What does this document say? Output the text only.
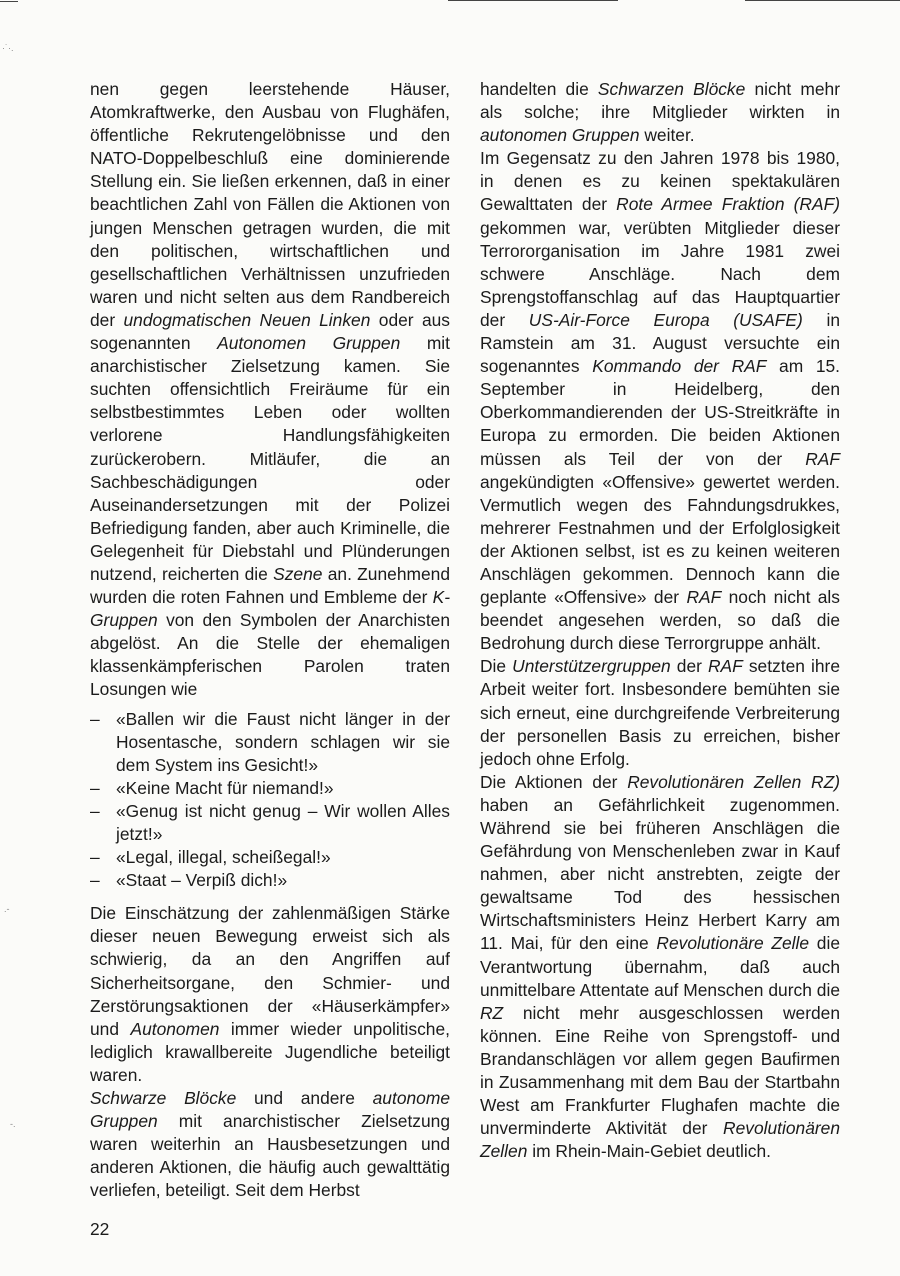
·˙·.
.-
-.

nen gegen leerstehende Häuser, Atomkraftwerke, den Ausbau von Flughäfen, öffentliche Rekrutengelöbnisse und den NATO-Doppelbeschluß eine dominierende Stellung ein. Sie ließen erkennen, daß in einer beachtlichen Zahl von Fällen die Aktionen von jungen Menschen getragen wurden, die mit den politischen, wirtschaftlichen und gesellschaftlichen Verhältnissen unzufrieden waren und nicht selten aus dem Randbereich der undogmatischen Neuen Linken oder aus sogenannten Autonomen Gruppen mit anarchistischer Zielsetzung kamen. Sie suchten offensichtlich Freiräume für ein selbstbestimmtes Leben oder wollten verlorene Handlungsfähigkeiten zurückerobern. Mitläufer, die an Sachbeschädigungen oder Auseinandersetzungen mit der Polizei Befriedigung fanden, aber auch Kriminelle, die Gelegenheit für Diebstahl und Plünderungen nutzend, reicherten die Szene an. Zunehmend wurden die roten Fahnen und Embleme der K-Gruppen von den Symbolen der Anarchisten abgelöst. An die Stelle der ehemaligen klassenkämpferischen Parolen traten Losungen wie

– «Ballen wir die Faust nicht länger in der Hosentasche, sondern schlagen wir sie dem System ins Gesicht!»
– «Keine Macht für niemand!»
– «Genug ist nicht genug – Wir wollen Alles jetzt!»
– «Legal, illegal, scheißegal!»
– «Staat – Verpiß dich!»

Die Einschätzung der zahlenmäßigen Stärke dieser neuen Bewegung erweist sich als schwierig, da an den Angriffen auf Sicherheitsorgane, den Schmier- und Zerstörungsaktionen der «Häuserkämpfer» und Autonomen immer wieder unpolitische, lediglich krawallbereite Jugendliche beteiligt waren.

Schwarze Blöcke und andere autonome Gruppen mit anarchistischer Zielsetzung waren weiterhin an Hausbesetzungen und anderen Aktionen, die häufig auch gewalttätig verliefen, beteiligt. Seit dem Herbst

handelten die Schwarzen Blöcke nicht mehr als solche; ihre Mitglieder wirkten in autonomen Gruppen weiter.

Im Gegensatz zu den Jahren 1978 bis 1980, in denen es zu keinen spektakulären Gewalttaten der Rote Armee Fraktion (RAF) gekommen war, verübten Mitglieder dieser Terrororganisation im Jahre 1981 zwei schwere Anschläge. Nach dem Sprengstoffanschlag auf das Hauptquartier der US-Air-Force Europa (USAFE) in Ramstein am 31. August versuchte ein sogenanntes Kommando der RAF am 15. September in Heidelberg, den Oberkommandierenden der US-Streitkräfte in Europa zu ermorden. Die beiden Aktionen müssen als Teil der von der RAF angekündigten «Offensive» gewertet werden. Vermutlich wegen des Fahndungsdrukkes, mehrerer Festnahmen und der Erfolglosigkeit der Aktionen selbst, ist es zu keinen weiteren Anschlägen gekommen. Dennoch kann die geplante «Offensive» der RAF noch nicht als beendet angesehen werden, so daß die Bedrohung durch diese Terrorgruppe anhält.

Die Unterstützergruppen der RAF setzten ihre Arbeit weiter fort. Insbesondere bemühten sie sich erneut, eine durchgreifende Verbreiterung der personellen Basis zu erreichen, bisher jedoch ohne Erfolg.

Die Aktionen der Revolutionären Zellen RZ) haben an Gefährlichkeit zugenommen. Während sie bei früheren Anschlägen die Gefährdung von Menschenleben zwar in Kauf nahmen, aber nicht anstrebten, zeigte der gewaltsame Tod des hessischen Wirtschaftsministers Heinz Herbert Karry am 11. Mai, für den eine Revolutionäre Zelle die Verantwortung übernahm, daß auch unmittelbare Attentate auf Menschen durch die RZ nicht mehr ausgeschlossen werden können. Eine Reihe von Sprengstoff- und Brandanschlägen vor allem gegen Baufirmen in Zusammenhang mit dem Bau der Startbahn West am Frankfurter Flughafen machte die unverminderte Aktivität der Revolutionären Zellen im Rhein-Main-Gebiet deutlich.

22
